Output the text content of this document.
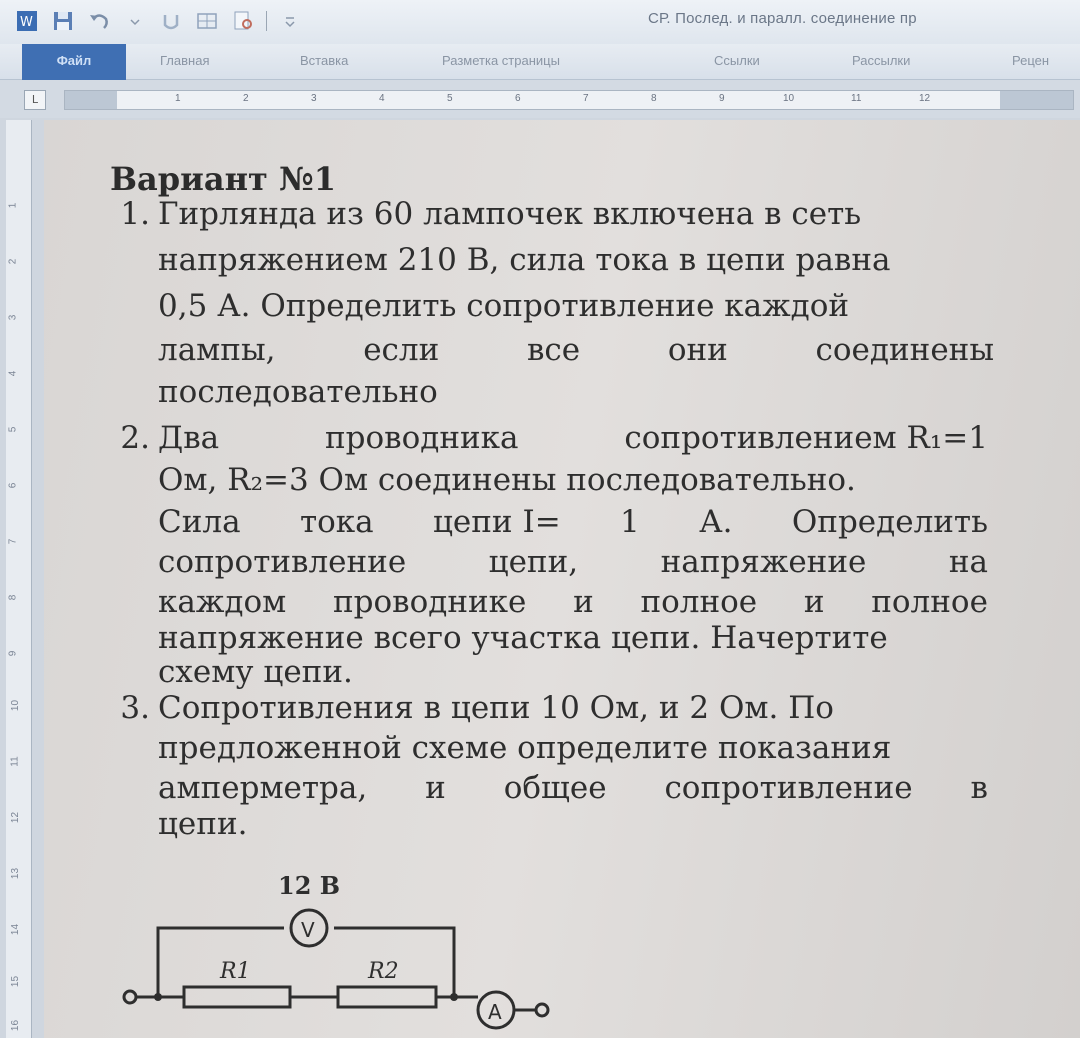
W	СР. Послед. и паралл. соединение пр
Файл	Главная	Вставка	Разметка страницы	Ссылки	Рассылки	Рецен
L	1	2	3	4	5	6	7	8	9	10	11	12
1
2
3
4
5
6
7
8
9
10
11
12
13
14
15
16
Вариант №1
1. Гирлянда из 60 лампочек включена в сеть
напряжением 210 В, сила тока в цепи равна
0,5 А. Определить сопротивление каждой
лампы,	если	все	они	соединены
последовательно
2. Два	проводника	сопротивлением R₁=1
Ом, R₂=3 Ом соединены последовательно.
Сила тока цепи I= 1 А. Определить
сопротивление	цепи,	напряжение	на
каждом проводнике и полное и полное
напряжение всего участка цепи. Начертите
схему цепи.
3. Сопротивления в цепи 10 Ом, и 2 Ом. По
предложенной схеме определите показания
амперметра, и общее сопротивление в
цепи.
12 В
V
R1	R2
A
